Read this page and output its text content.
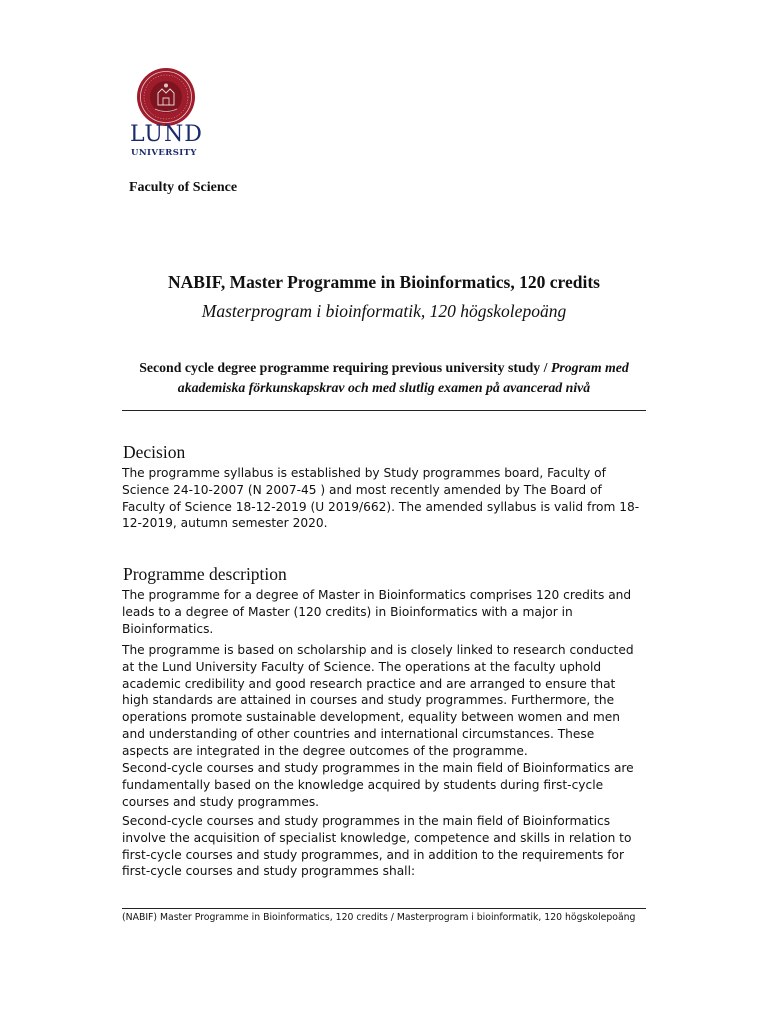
LUND
UNIVERSITY
Faculty of Science
NABIF, Master Programme in Bioinformatics, 120 credits
Masterprogram i bioinformatik, 120 högskolepoäng
Second cycle degree programme requiring previous university study / Program med akademiska förkunskapskrav och med slutlig examen på avancerad nivå
Decision

The programme syllabus is established by Study programmes board, Faculty of Science 24-10-2007 (N 2007-45 ) and most recently amended by The Board of Faculty of Science 18-12-2019 (U 2019/662). The amended syllabus is valid from 18-12-2019, autumn semester 2020.

Programme description

The programme for a degree of Master in Bioinformatics comprises 120 credits and leads to a degree of Master (120 credits) in Bioinformatics with a major in Bioinformatics.

The programme is based on scholarship and is closely linked to research conducted at the Lund University Faculty of Science. The operations at the faculty uphold academic credibility and good research practice and are arranged to ensure that high standards are attained in courses and study programmes. Furthermore, the operations promote sustainable development, equality between women and men and understanding of other countries and international circumstances. These aspects are integrated in the degree outcomes of the programme.

Second-cycle courses and study programmes in the main field of Bioinformatics are fundamentally based on the knowledge acquired by students during first-cycle courses and study programmes.

Second-cycle courses and study programmes in the main field of Bioinformatics involve the acquisition of specialist knowledge, competence and skills in relation to first-cycle courses and study programmes, and in addition to the requirements for first-cycle courses and study programmes shall:

(NABIF) Master Programme in Bioinformatics, 120 credits / Masterprogram i bioinformatik, 120 högskolepoäng
